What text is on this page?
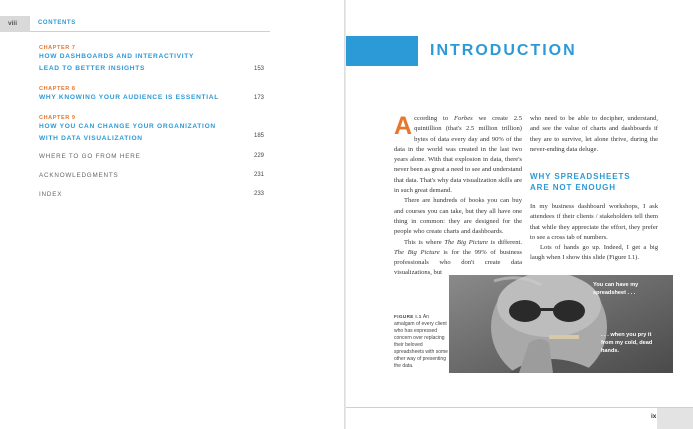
viii	CONTENTS
CHAPTER 7
HOW DASHBOARDS AND INTERACTIVITY
LEAD TO BETTER INSIGHTS	153
CHAPTER 8
WHY KNOWING YOUR AUDIENCE IS ESSENTIAL	173
CHAPTER 9
HOW YOU CAN CHANGE YOUR ORGANIZATION
WITH DATA VISUALIZATION	185
WHERE TO GO FROM HERE	229
ACKNOWLEDGMENTS	231
INDEX	233
INTRODUCTION

According to Forbes we create 2.5 quintillion (that's 2.5 million trillion) bytes of data every day and 90% of the data in the world was created in the last two years alone. With that explosion in data, there's never been as great a need to see and understand that data. That's why data visualization skills are in such great demand.

There are hundreds of books you can buy and courses you can take, but they all have one thing in common: they are designed for the people who create charts and dashboards.

This is where The Big Picture is different. The Big Picture is for the 99% of business professionals who don't create data visualizations, but

who need to be able to decipher, understand, and see the value of charts and dashboards if they are to survive, let alone thrive, during the never-ending data deluge.

WHY SPREADSHEETS
ARE NOT ENOUGH

In my business dashboard workshops, I ask attendees if their clients / stakeholders tell them that while they appreciate the effort, they prefer to see a cross tab of numbers.

Lots of hands go up. Indeed, I get a big laugh when I show this slide (Figure I.1).

You can have my
spreadsheet . . .
. . . when you pry it
from my cold, dead
hands.
FIGURE I.1 An amalgam of every client who has expressed concern over replacing their beloved spreadsheets with some other way of presenting the data.
ix
